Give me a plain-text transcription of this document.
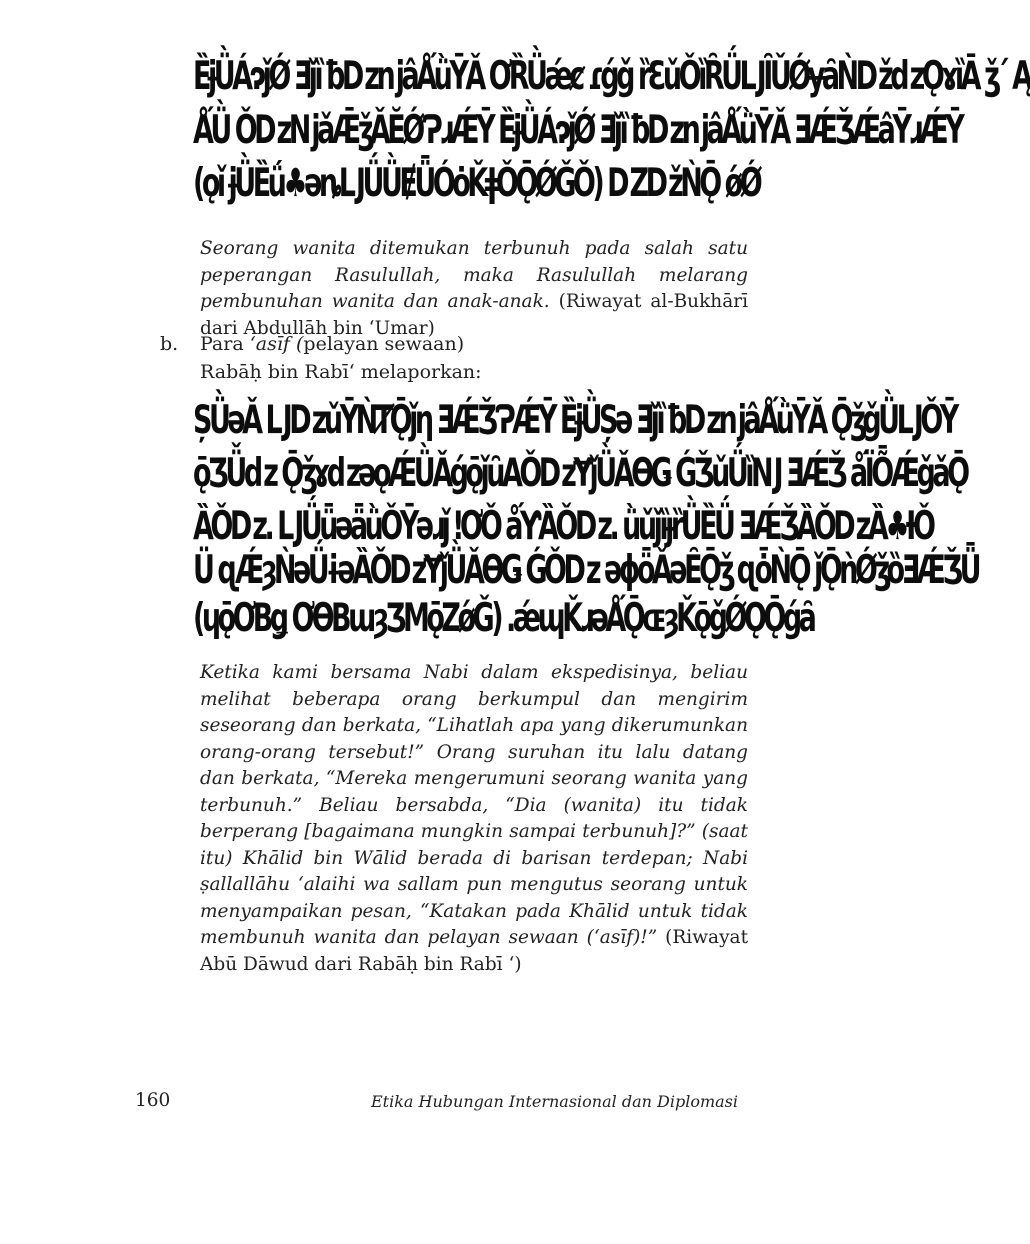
ȄɉǛÁɂǰǾ Ǝǰȉ ƀǲǌâǺǜȲǍ ƠȐǛǽȼ ɾǵǧ ȑƐǔǑȉȒǗǇȊǓǾɏȃǸǅǳǪɤȉĀ ǯˊ Ą
ǺǛ ǑǲǋǎǢǯǍĔǾɁɹǼȲ ȄɉǛÁɂǰǾ Ǝǰȉ ƀǲǌâǺǜȲǍ ƎǼǮǼâȲɹǼȲ
(ǫǐ ɉǛȄǘ♣ǝȵǇǗǛɆǕÓȯǨǂǑǬǾǦǑ) ǱǅǸǬ ǿǾ

Seorang wanita ditemukan terbunuh pada salah satu peperangan Rasulullah, maka Rasulullah melarang pembunuhan wanita dan anak-anak. (Riwayat al-Bukhārī dari Abdullāh bin ‘Umar)

b. Para ‘asīf (pelayan sewaan)
Rabāḥ bin Rabī‘ melaporkan:
ȘǛǝǍ ǇǲǔȲǸȾǬǰƞ ƎǼǮɁǼȲ ȄɉǛȘǝ Ǝǰȉ ƀǲǌâǺǜȲǍ ǬǯǧǛǇǑȲ
ǭƷǙǳ ǬǯɤǳǝǫǼǛǍǵǭǰȗAǑǲɎǰǛǍƟǤ ǴǮǔǗȉǊ ƎǼǮ ǻÏȬǼǧǎǬ
ȀǑǲ. ǇǗǖǝǟǜǑȲǝɹǰ ǃƠǑ ǻƳȀǑǲ. ǜǔǰȉɟȑǛȄǗ ƎǼǮȀǑǲȀ♣ƗǑ
Ü ɋǼȝǸǝǗɨǝȀǑǲɎǰǛǍƟǤ ǴǑǲ ǝɸȫǍǝȆǬǯ ɋȱǸǬ ǰǬǹǾǯȍƎǼǮǕ
(ɥǭƠBǥ ƠƟBɯȝƷMǭZǿǦ) .ǽɰǨɹǝǺǬɶȝǨǭǧǾǪǬǵȃ

Ketika kami bersama Nabi dalam ekspedisinya, beliau melihat beberapa orang berkumpul dan mengirim seseorang dan berkata, “Lihatlah apa yang dikerumunkan orang-orang tersebut!” Orang suruhan itu lalu datang dan berkata, “Mereka mengerumuni seorang wanita yang terbunuh.” Beliau bersabda, “Dia (wanita) itu tidak berperang [bagaimana mungkin sampai terbunuh]?” (saat itu) Khālid bin Wālid berada di barisan terdepan; Nabi ṣallallāhu ‘alaihi wa sallam pun mengutus seorang untuk menyampaikan pesan, “Katakan pada Khālid untuk tidak membunuh wanita dan pelayan sewaan (‘asīf)!” (Riwayat Abū Dāwud dari Rabāḥ bin Rabī ‘)

160	Etika Hubungan Internasional dan Diplomasi
